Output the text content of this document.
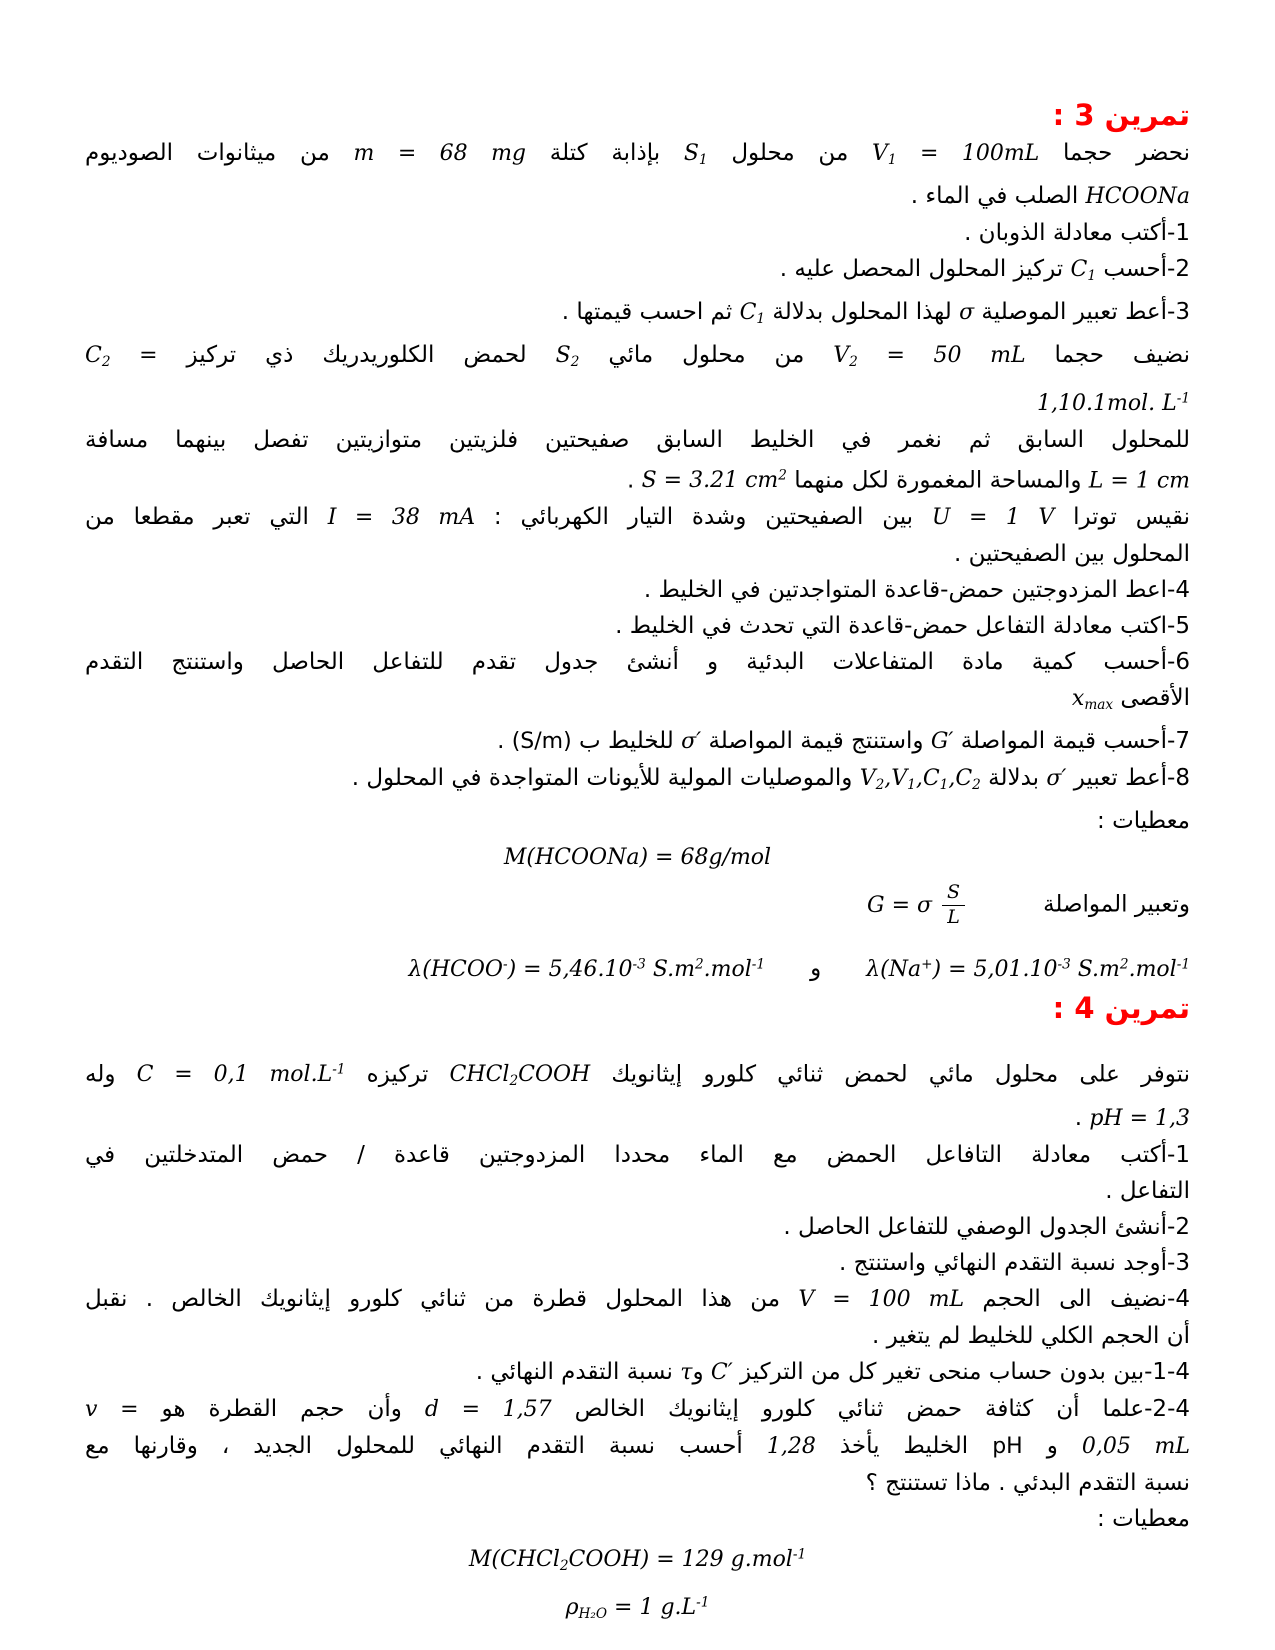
تمرين 3 :
نحضر حجما $V_1 = 100mL$ من محلول $S_1$ بإذابة كتلة m = 68 mg من ميثانوات الصوديوم
HCOONa الصلب في الماء .
1-أكتب معادلة الذوبان .
2-أحسب $C_1$ تركيز المحلول المحصل عليه .
3-أعط تعبير الموصلية σ لهذا المحلول بدلالة $C_1$ ثم احسب قيمتها .
نضيف حجما $V_2 = 50$ mL من محلول مائي $S_2$ لحمض الكلوريدريك ذي تركيز $C_2$ =
1,10.1mol. $L^{-1}$
للمحلول السابق ثم نغمر في الخليط السابق صفيحتين فلزيتين متوازيتين تفصل بينهما مسافة
L = 1 cm والمساحة المغمورة لكل منهما S = 3.21 $cm^2$ .
نقيس توترا U = 1 V بين الصفيحتين وشدة التيار الكهربائي : I = 38 mA التي تعبر مقطعا من
المحلول بين الصفيحتين .
4-اعط المزدوجتين حمض-قاعدة المتواجدتين في الخليط .
5-اكتب معادلة التفاعل حمض-قاعدة التي تحدث في الخليط .
6-أحسب كمية مادة المتفاعلات البدئية و أنشئ جدول تقدم للتفاعل الحاصل واستنتج التقدم
الأقصى $x_{max}$
7-أحسب قيمة المواصلة G′ واستنتج قيمة المواصلة σ′ للخليط ب (S/m) .
8-أعط تعبير σ′ بدلالة $V_2,V_1,C_1,C_2$ والموصليات المولية للأيونات المتواجدة في المحلول .
معطيات :
M(HCOONa) = 68g/mol
وتعبير المواصلةG = σ $\frac{S}{L}$
$\lambda(Na^+) = 5,01.10^{-3}$ $S.m^2.mol^{-1}و\lambda(HCOO^-) = 5,46.10^{-3}$ $S.m^2.mol^{-1}$
تمرين 4 :
نتوفر على محلول مائي لحمض ثنائي كلورو إيثانويك CHCl$_2$COOH تركيزه C = 0,1 $mol.L^{-1}$ وله
pH = 1,3 .
1-أكتب معادلة التافاعل الحمض مع الماء محددا المزدوجتين قاعدة / حمض المتدخلتين في
التفاعل .
2-أنشئ الجدول الوصفي للتفاعل الحاصل .
3-أوجد نسبة التقدم النهائي واستنتج .
4-نضيف الى الحجم V = 100 mL من هذا المحلول قطرة من ثنائي كلورو إيثانويك الخالص . نقبل
أن الحجم الكلي للخليط لم يتغير .
4‏-‏1‏-‏بين بدون حساب منحى تغير كل من التركيز C′ وτ نسبة التقدم النهائي .
4‏-‏2‏-‏علما أن كثافة حمض ثنائي كلورو إيثانويك الخالص d = 1,57 وأن حجم القطرة هو v =
0,05 mL و pH الخليط يأخذ 1,28 أحسب نسبة التقدم النهائي للمحلول الجديد ، وقارنها مع
نسبة التقدم البدئي . ماذا تستنتج ؟
معطيات :
M(CHCl$_2$COOH) = 129 g.mol$^{-1}$
$\rho_{H_2O} = 1$ $g.L^{-1}$
